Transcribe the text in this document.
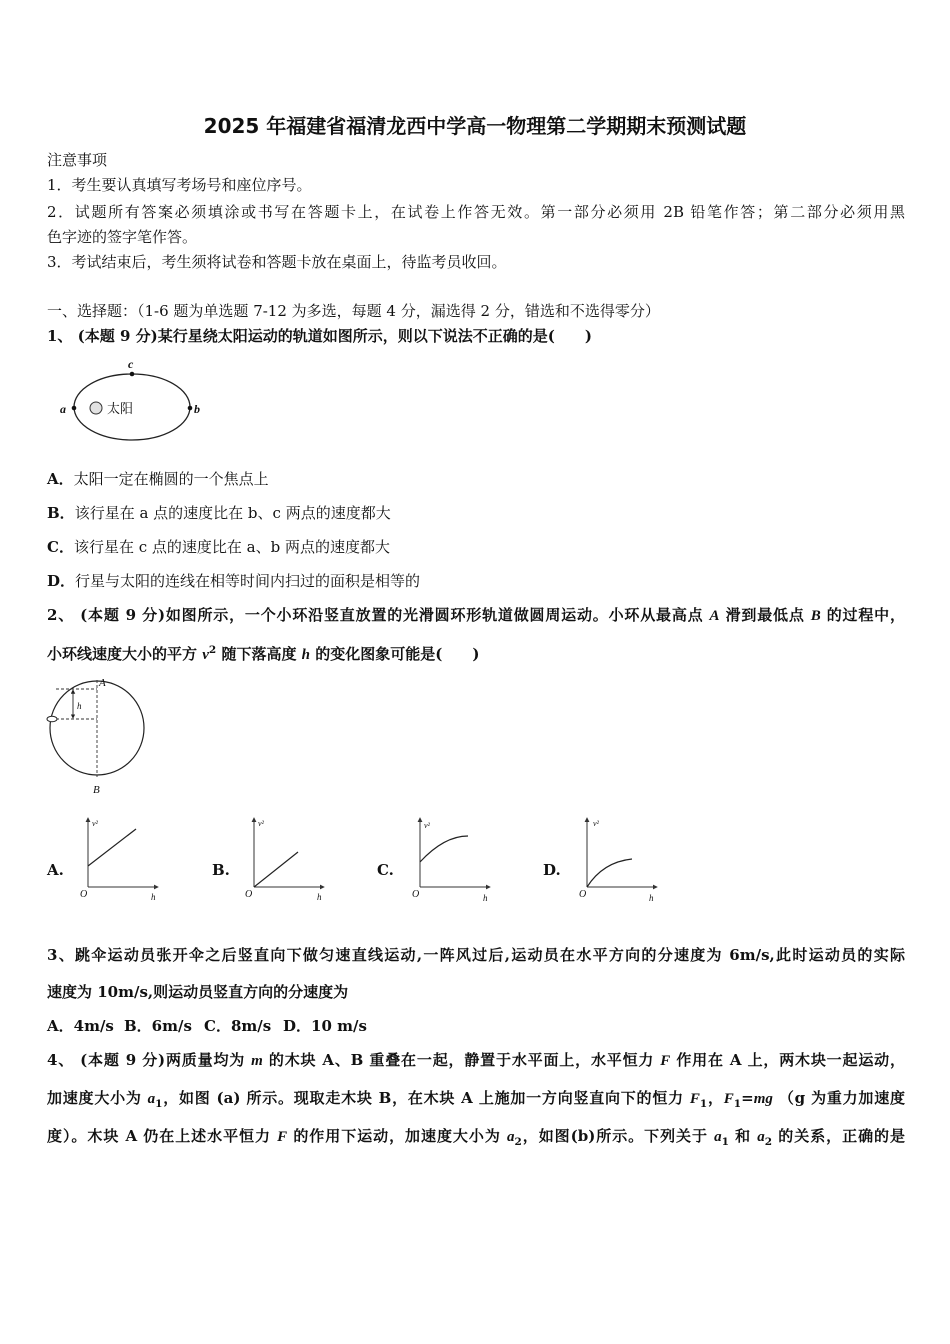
2025 年福建省福清龙西中学高一物理第二学期期末预测试题
注意事项
1．考生要认真填写考场号和座位序号。
2．试题所有答案必须填涂或书写在答题卡上，在试卷上作答无效。第一部分必须用 2B 铅笔作答；第二部分必须用黑
色字迹的签字笔作答。
3．考试结束后，考生须将试卷和答题卡放在桌面上，待监考员收回。
一、选择题：（1-6 题为单选题 7-12 为多选，每题 4 分，漏选得 2 分，错选和不选得零分）
1、 (本题 9 分)某行星绕太阳运动的轨道如图所示，则以下说法不正确的是(　　)
a	b
c
太阳
A．太阳一定在椭圆的一个焦点上
B．该行星在 a 点的速度比在 b、c 两点的速度都大
C．该行星在 c 点的速度比在 a、b 两点的速度都大
D．行星与太阳的连线在相等时间内扫过的面积是相等的
2、 (本题 9 分)如图所示，一个小环沿竖直放置的光滑圆环形轨道做圆周运动。小环从最高点 A 滑到最低点 B 的过程中，
小环线速度大小的平方 $v^2$ 随下落高度 h 的变化图象可能是(　　)
h
A
B
A.	B.	C.	D.
v²
O	h
v²
O	h
v²
O	h
v²
O	h
3、跳伞运动员张开伞之后竖直向下做匀速直线运动,一阵风过后,运动员在水平方向的分速度为 6m/s,此时运动员的实际
速度为 10m/s,则运动员竖直方向的分速度为
A．4m/s B．6m/s C．8m/s D．10 m/s
4、 (本题 9 分)两质量均为 m 的木块 A、B 重叠在一起，静置于水平面上，水平恒力 F 作用在 A 上，两木块一起运动，
加速度大小为 $a_1$，如图 (a) 所示。现取走木块 B，在木块 A 上施加一方向竖直向下的恒力 $F_1$，$F_1=mg$ （g 为重力加速度
度）。木块 A 仍在上述水平恒力 F 的作用下运动，加速度大小为 $a_2$，如图(b)所示。下列关于 $a_1$ 和 $a_2$ 的关系，正确的是
